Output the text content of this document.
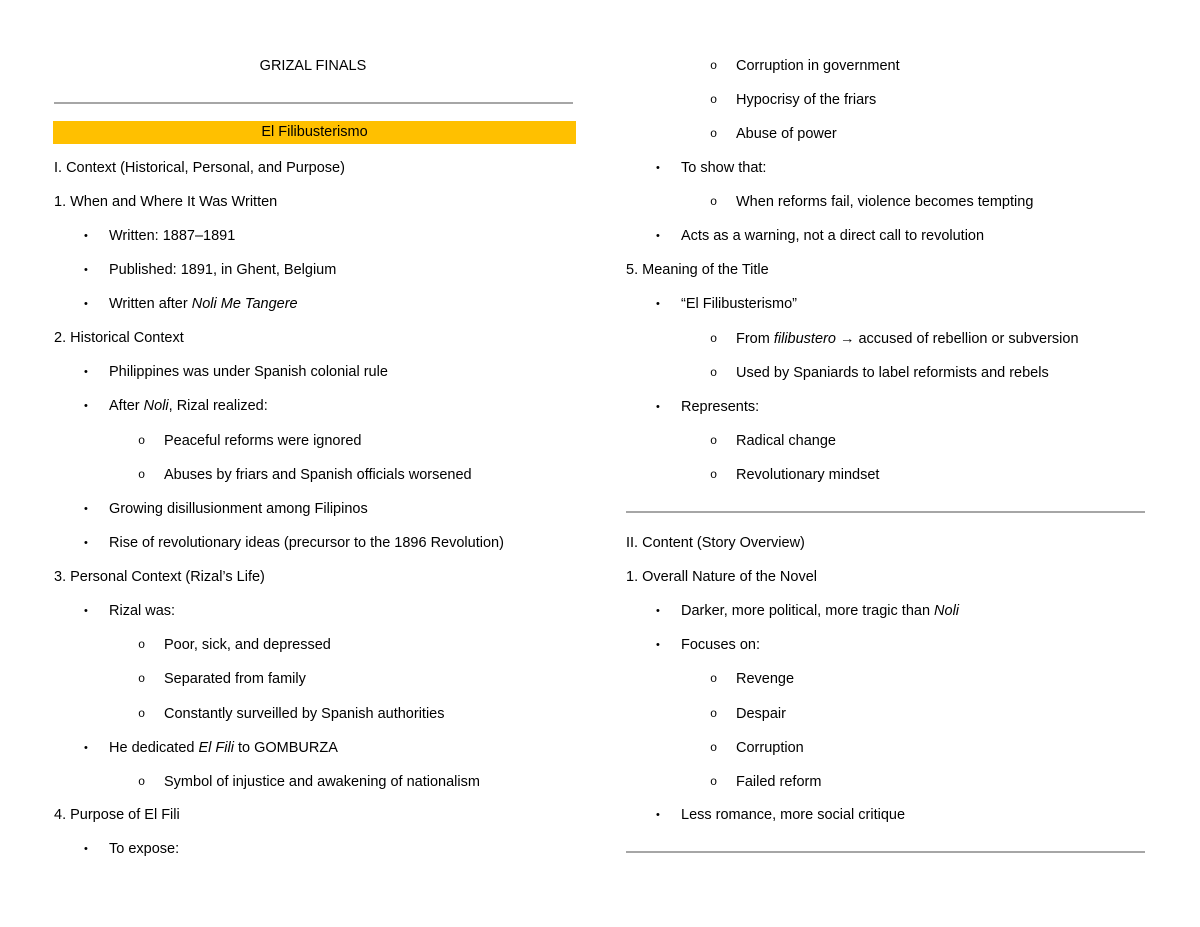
GRIZAL FINALS
El Filibusterismo
I. Context (Historical, Personal, and Purpose)
1. When and Where It Was Written
• Written: 1887–1891
• Published: 1891, in Ghent, Belgium
• Written after Noli Me Tangere
2. Historical Context
• Philippines was under Spanish colonial rule
• After Noli, Rizal realized:
o Peaceful reforms were ignored
o Abuses by friars and Spanish officials worsened
• Growing disillusionment among Filipinos
• Rise of revolutionary ideas (precursor to the 1896 Revolution)
3. Personal Context (Rizal’s Life)
• Rizal was:
o Poor, sick, and depressed
o Separated from family
o Constantly surveilled by Spanish authorities
• He dedicated El Fili to GOMBURZA
o Symbol of injustice and awakening of nationalism
4. Purpose of El Fili
• To expose:
o Corruption in government
o Hypocrisy of the friars
o Abuse of power
• To show that:
o When reforms fail, violence becomes tempting
• Acts as a warning, not a direct call to revolution
5. Meaning of the Title
• “El Filibusterismo”
o From filibustero → accused of rebellion or subversion
o Used by Spaniards to label reformists and rebels
• Represents:
o Radical change
o Revolutionary mindset
II. Content (Story Overview)
1. Overall Nature of the Novel
• Darker, more political, more tragic than Noli
• Focuses on:
o Revenge
o Despair
o Corruption
o Failed reform
• Less romance, more social critique
